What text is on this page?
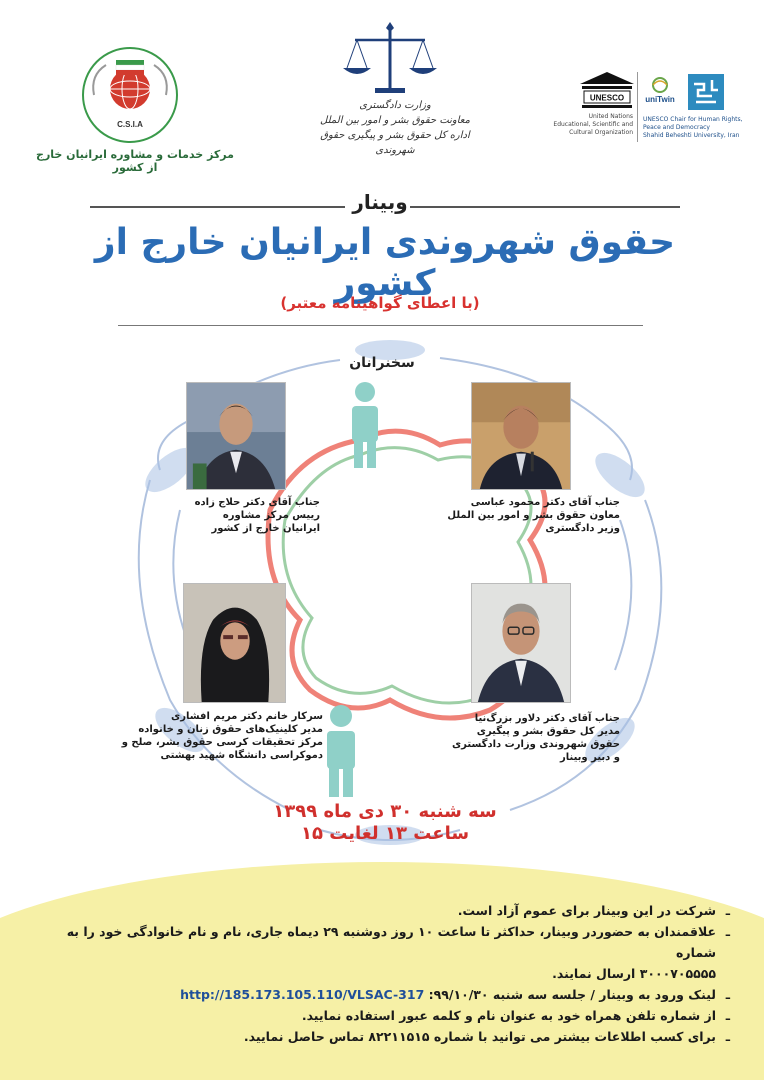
C.S.I.A
مرکز خدمات و مشاوره ایرانیان خارج از کشور
وزارت دادگستری
معاونت حقوق بشر و امور بین الملل
اداره کل حقوق بشر و پیگیری حقوق شهروندی
UNESCO
United Nations
Educational, Scientific and
Cultural Organization
uniTwin
UNESCO Chair for Human Rights,
Peace and Democracy
Shahid Beheshti University, Iran
وبینار
حقوق شهروندی ایرانیان خارج از کشور
(با اعطای گواهینامه معتبر)
سخنرانان
جناب آقای دکتر حلاج زاده
رییس مرکز مشاوره
ایرانیان خارج از کشور
جناب آقای دکتر محمود عباسی
معاون حقوق بشر و امور بین الملل
وزیر دادگستری
سرکار خانم دکتر مریم افشاری
مدیر کلینیک‌های حقوق زنان و خانواده
مرکز تحقیقات کرسی حقوق بشر، صلح و
دموکراسی دانشگاه شهید بهشتی
جناب آقای دکتر دلاور بزرگ‌نیا
مدیر کل حقوق بشر و پیگیری
حقوق شهروندی وزارت دادگستری
و دبیر وبینار
سه شنبه ۳۰ دی ماه ۱۳۹۹
ساعت ۱۳ لغایت ۱۵
ـ
شرکت در این وبینار برای عموم آزاد است.
ـ
علاقمندان به حضوردر وبینار، حداکثر تا ساعت ۱۰ روز دوشنبه ۲۹ دیماه جاری، نام و نام خانوادگی خود را به شماره
۳۰۰۰۷۰۵۵۵۵ ارسال نمایند.
ـ
لینک ورود به وبینار / جلسه سه شنبه ۹۹/۱۰/۳۰: http://185.173.105.110/VLSAC-317
ـ
از شماره تلفن همراه خود به عنوان نام و کلمه عبور استفاده نمایید.
ـ
برای کسب اطلاعات بیشتر می توانید با شماره ۸۲۲۱۱۵۱۵ تماس حاصل نمایید.
